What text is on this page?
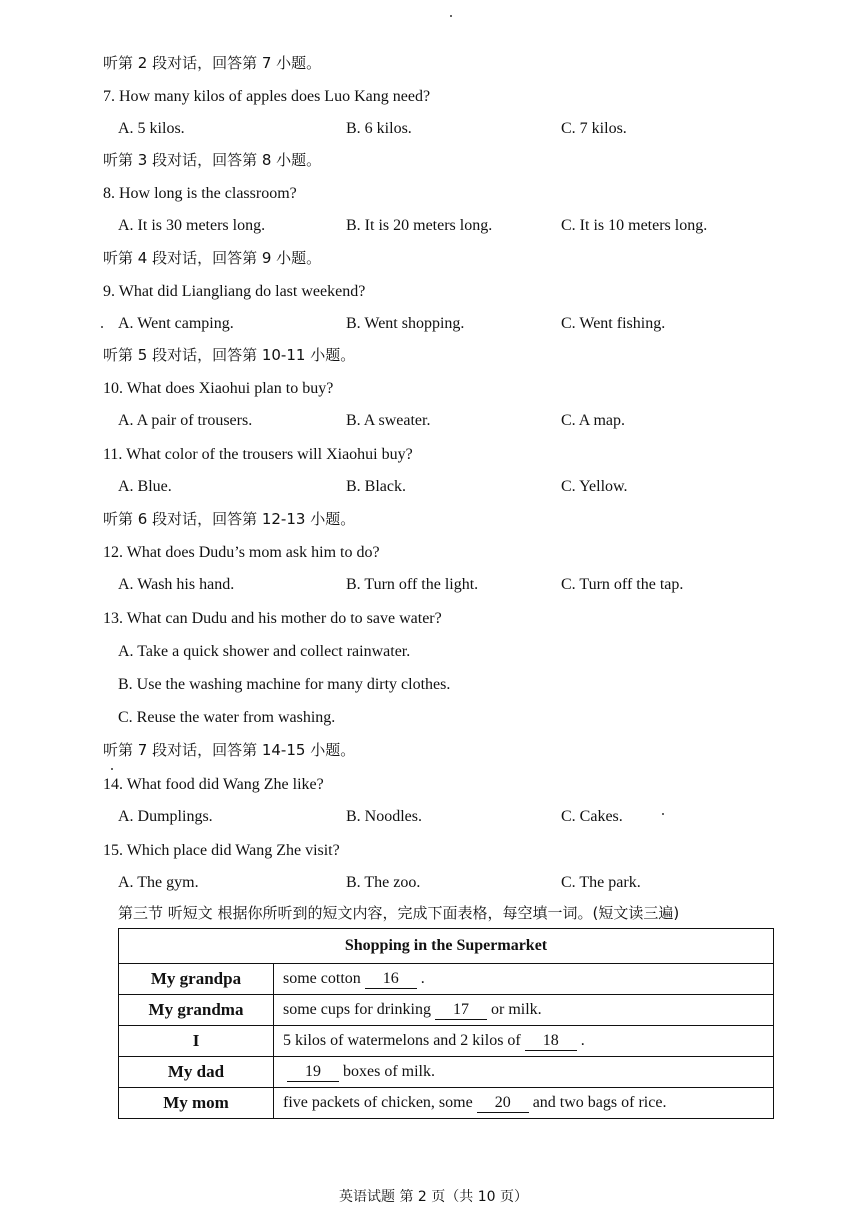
听第 2 段对话，回答第 7 小题。
7. How many kilos of apples does Luo Kang need?
A. 5 kilos.	B. 6 kilos.	C. 7 kilos.
听第 3 段对话，回答第 8 小题。
8. How long is the classroom?
A. It is 30 meters long.	B. It is 20 meters long.	C. It is 10 meters long.
听第 4 段对话，回答第 9 小题。
9. What did Liangliang do last weekend?
A. Went camping.	B. Went shopping.	C. Went fishing.
听第 5 段对话，回答第 10-11 小题。
10. What does Xiaohui plan to buy?
A. A pair of trousers.	B. A sweater.	C. A map.
11. What color of the trousers will Xiaohui buy?
A. Blue.	B. Black.	C. Yellow.
听第 6 段对话，回答第 12-13 小题。
12. What does Dudu’s mom ask him to do?
A. Wash his hand.	B. Turn off the light.	C. Turn off the tap.
13. What can Dudu and his mother do to save water?
A. Take a quick shower and collect rainwater.
B. Use the washing machine for many dirty clothes.
C. Reuse the water from washing.
听第 7 段对话，回答第 14-15 小题。
14. What food did Wang Zhe like?
A. Dumplings.	B. Noodles.	C. Cakes.
15. Which place did Wang Zhe visit?
A. The gym.	B. The zoo.	C. The park.
第三节 听短文 根据你所听到的短文内容，完成下面表格，每空填一词。(短文读三遍)
Shopping in the Supermarket	
My grandpa	some cotton 16 .
My grandma	some cups for drinking 17 or milk.
I	5 kilos of watermelons and 2 kilos of 18 .
My dad	19 boxes of milk.
My mom	five packets of chicken, some 20 and two bags of rice.
英语试题 第 2 页（共 10 页）
